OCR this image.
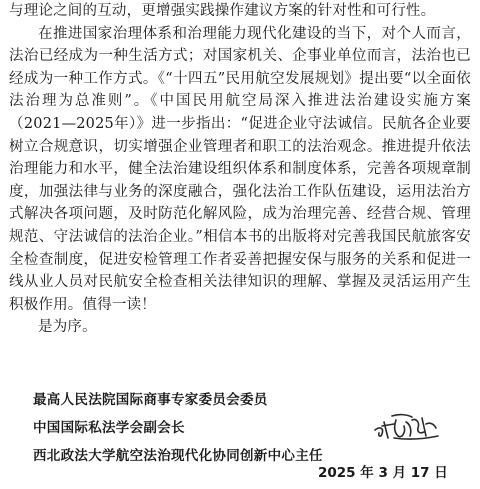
与理论之间的互动，更增强实践操作建议方案的针对性和可行性。

在推进国家治理体系和治理能力现代化建设的当下，对个人而言，法治已经成为一种生活方式；对国家机关、企事业单位而言，法治也已经成为一种工作方式。《“十四五”民用航空发展规划》提出要“以全面依法治理为总准则”。《中国民用航空局深入推进法治建设实施方案（2021—2025年）》进一步指出：“促进企业守法诚信。民航各企业要树立合规意识，切实增强企业管理者和职工的法治观念。推进提升依法治理能力和水平，健全法治建设组织体系和制度体系，完善各项规章制度，加强法律与业务的深度融合，强化法治工作队伍建设，运用法治方式解决各项问题，及时防范化解风险，成为治理完善、经营合规、管理规范、守法诚信的法治企业。”相信本书的出版将对完善我国民航旅客安全检查制度，促进安检管理工作者妥善把握安保与服务的关系和促进一线从业人员对民航安全检查相关法律知识的理解、掌握及灵活运用产生积极作用。值得一读！

是为序。

最高人民法院国际商事专家委员会委员
中国国际私法学会副会长
西北政法大学航空法治现代化协同创新中心主任
2025 年 3 月 17 日
